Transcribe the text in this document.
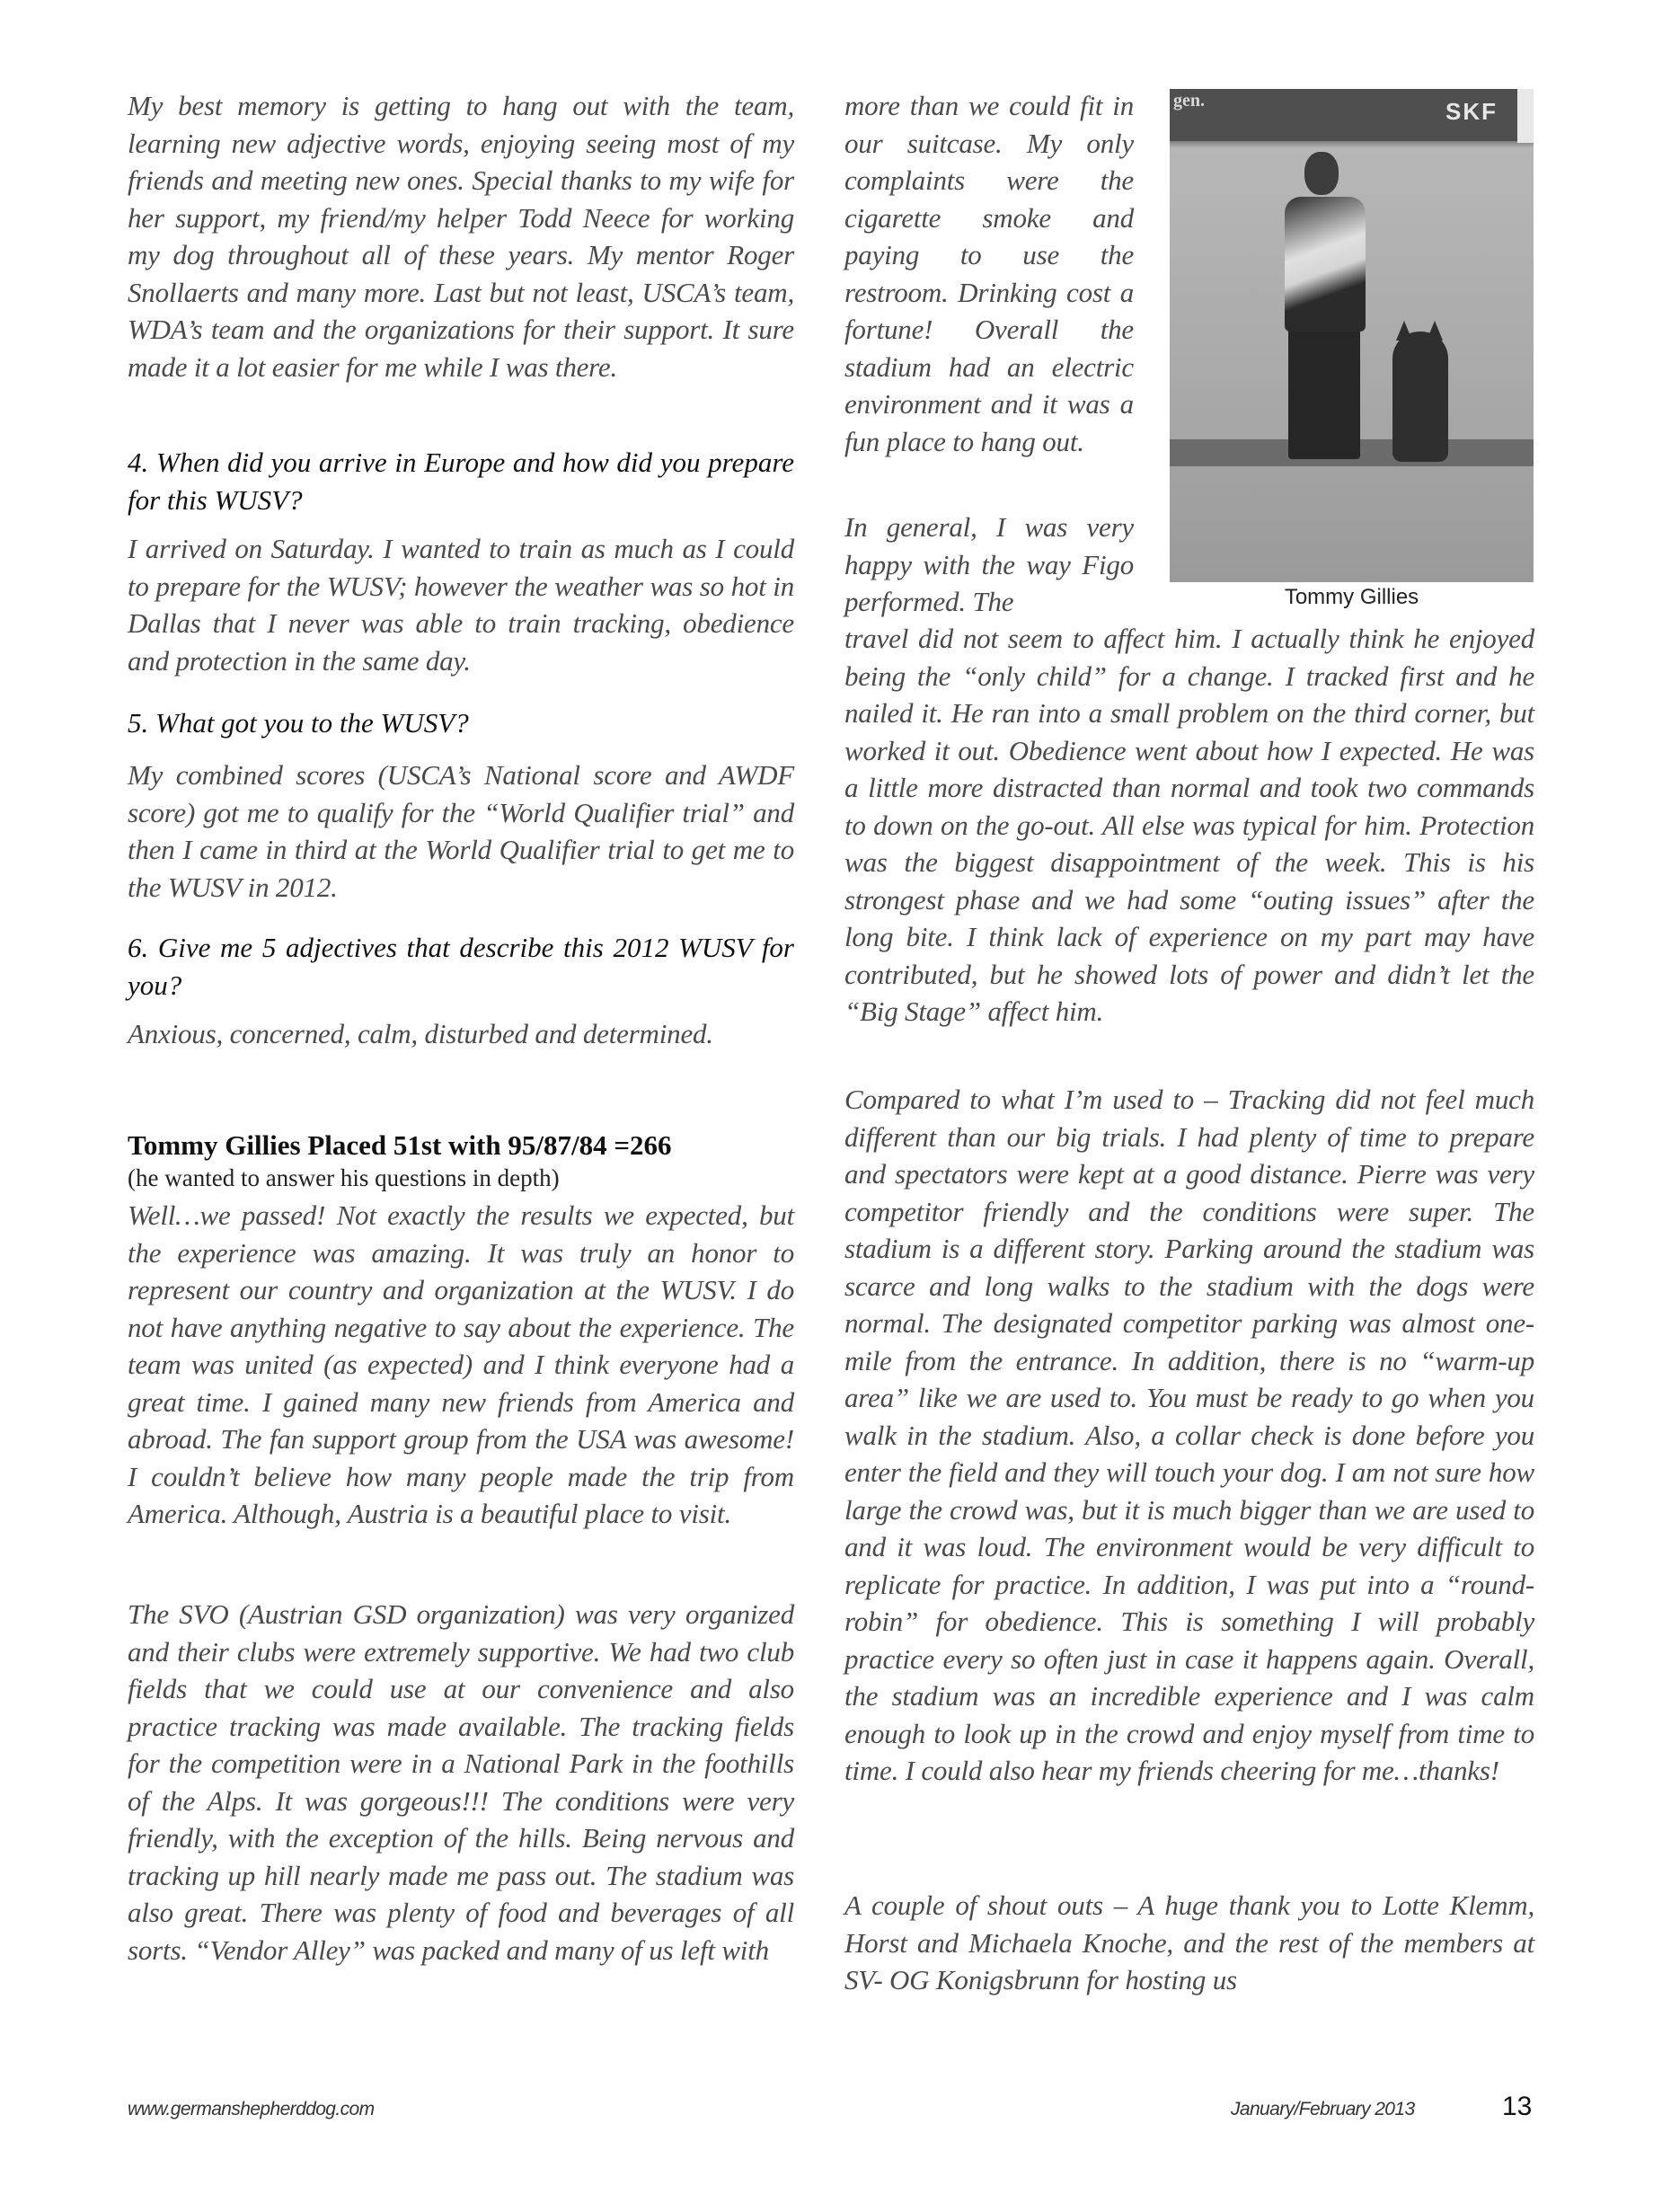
My best memory is getting to hang out with the team, learning new adjective words, enjoying seeing most of my friends and meeting new ones. Special thanks to my wife for her support, my friend/my helper Todd Neece for working my dog throughout all of these years. My mentor Roger Snollaerts and many more. Last but not least, USCA’s team, WDA’s team and the organizations for their support. It sure made it a lot easier for me while I was there.

4. When did you arrive in Europe and how did you prepare for this WUSV?

I arrived on Saturday. I wanted to train as much as I could to prepare for the WUSV; however the weather was so hot in Dallas that I never was able to train tracking, obedience and protection in the same day.

5. What got you to the WUSV?

My combined scores (USCA’s National score and AWDF score) got me to qualify for the “World Qualifier trial” and then I came in third at the World Qualifier trial to get me to the WUSV in 2012.

6. Give me 5 adjectives that describe this 2012 WUSV for you?

Anxious, concerned, calm, disturbed and determined.

Tommy Gillies Placed 51st with 95/87/84 =266
(he wanted to answer his questions in depth)

Well…we passed! Not exactly the results we expected, but the experience was amazing. It was truly an honor to represent our country and organization at the WUSV. I do not have anything negative to say about the experience. The team was united (as expected) and I think everyone had a great time. I gained many new friends from America and abroad. The fan support group from the USA was awesome! I couldn’t believe how many people made the trip from America. Although, Austria is a beautiful place to visit.

The SVO (Austrian GSD organization) was very organized and their clubs were extremely supportive. We had two club fields that we could use at our convenience and also practice tracking was made available. The tracking fields for the competition were in a National Park in the foothills of the Alps. It was gorgeous!!! The conditions were very friendly, with the exception of the hills. Being nervous and tracking up hill nearly made me pass out. The stadium was also great. There was plenty of food and beverages of all sorts. “Vendor Alley” was packed and many of us left with

more than we could fit in our suitcase. My only complaints were the cigarette smoke and paying to use the restroom. Drinking cost a fortune! Overall the stadium had an electric environment and it was a fun place to hang out.

gen.	SKF
Tommy Gillies

In general, I was very happy with the way Figo performed. The

travel did not seem to affect him. I actually think he enjoyed being the “only child” for a change. I tracked first and he nailed it. He ran into a small problem on the third corner, but worked it out. Obedience went about how I expected. He was a little more distracted than normal and took two commands to down on the go-out. All else was typical for him. Protection was the biggest disappointment of the week. This is his strongest phase and we had some “outing issues” after the long bite. I think lack of experience on my part may have contributed, but he showed lots of power and didn’t let the “Big Stage” affect him.

Compared to what I’m used to – Tracking did not feel much different than our big trials. I had plenty of time to prepare and spectators were kept at a good distance. Pierre was very competitor friendly and the conditions were super. The stadium is a different story. Parking around the stadium was scarce and long walks to the stadium with the dogs were normal. The designated competitor parking was almost one-mile from the entrance. In addition, there is no “warm-up area” like we are used to. You must be ready to go when you walk in the stadium. Also, a collar check is done before you enter the field and they will touch your dog. I am not sure how large the crowd was, but it is much bigger than we are used to and it was loud. The environment would be very difficult to replicate for practice. In addition, I was put into a “round-robin” for obedience. This is something I will probably practice every so often just in case it happens again. Overall, the stadium was an incredible experience and I was calm enough to look up in the crowd and enjoy myself from time to time. I could also hear my friends cheering for me…thanks!

A couple of shout outs – A huge thank you to Lotte Klemm, Horst and Michaela Knoche, and the rest of the members at SV- OG Konigsbrunn for hosting us

www.germanshepherddog.com	January/February 2013	13
